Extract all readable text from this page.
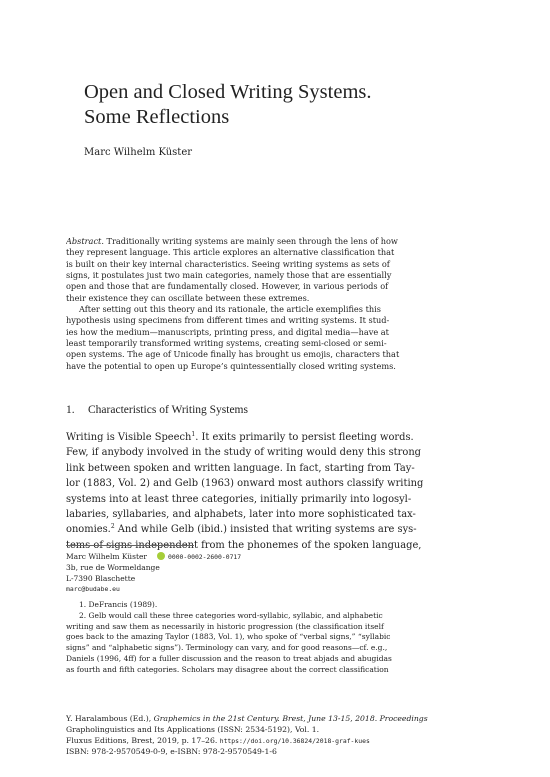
Open and Closed Writing Systems.
Some Reflections
Marc Wilhelm Küster
Abstract. Traditionally writing systems are mainly seen through the lens of how
they represent language. This article explores an alternative classification that
is built on their key internal characteristics. Seeing writing systems as sets of
signs, it postulates just two main categories, namely those that are essentially
open and those that are fundamentally closed. However, in various periods of
their existence they can oscillate between these extremes.
After setting out this theory and its rationale, the article exemplifies this
hypothesis using specimens from different times and writing systems. It stud-
ies how the medium—manuscripts, printing press, and digital media—have at
least temporarily transformed writing systems, creating semi-closed or semi-
open systems. The age of Unicode finally has brought us emojis, characters that
have the potential to open up Europe’s quintessentially closed writing systems.
1. Characteristics of Writing Systems
Writing is Visible Speech$^1$. It exits primarily to persist fleeting words.
Few, if anybody involved in the study of writing would deny this strong
link between spoken and written language. In fact, starting from Tay-
lor (1883, Vol. 2) and Gelb (1963) onward most authors classify writing
systems into at least three categories, initially primarily into logosyl-
labaries, syllabaries, and alphabets, later into more sophisticated tax-
onomies.$^2$ And while Gelb (ibid.) insisted that writing systems are sys-
tems of signs independent from the phonemes of the spoken language,
Marc Wilhelm Küster	0000-0002-2600-0717
3b, rue de Wormeldange
L-7390 Blaschette
marc@budabe.eu
1. DeFrancis (1989).
2. Gelb would call these three categories word-syllabic, syllabic, and alphabetic
writing and saw them as necessarily in historic progression (the classification itself
goes back to the amazing Taylor (1883, Vol. 1), who spoke of “verbal signs,” “syllabic
signs” and “alphabetic signs”). Terminology can vary, and for good reasons—cf. e.g.,
Daniels (1996, 4ff) for a fuller discussion and the reason to treat abjads and abugidas
as fourth and fifth categories. Scholars may disagree about the correct classification
Y. Haralambous (Ed.), Graphemics in the 21st Century. Brest, June 13-15, 2018. Proceedings
Grapholinguistics and Its Applications (ISSN: 2534-5192), Vol. 1.
Fluxus Editions, Brest, 2019, p. 17–26. https://doi.org/10.36824/2018-graf-kues
ISBN: 978-2-9570549-0-9, e-ISBN: 978-2-9570549-1-6
